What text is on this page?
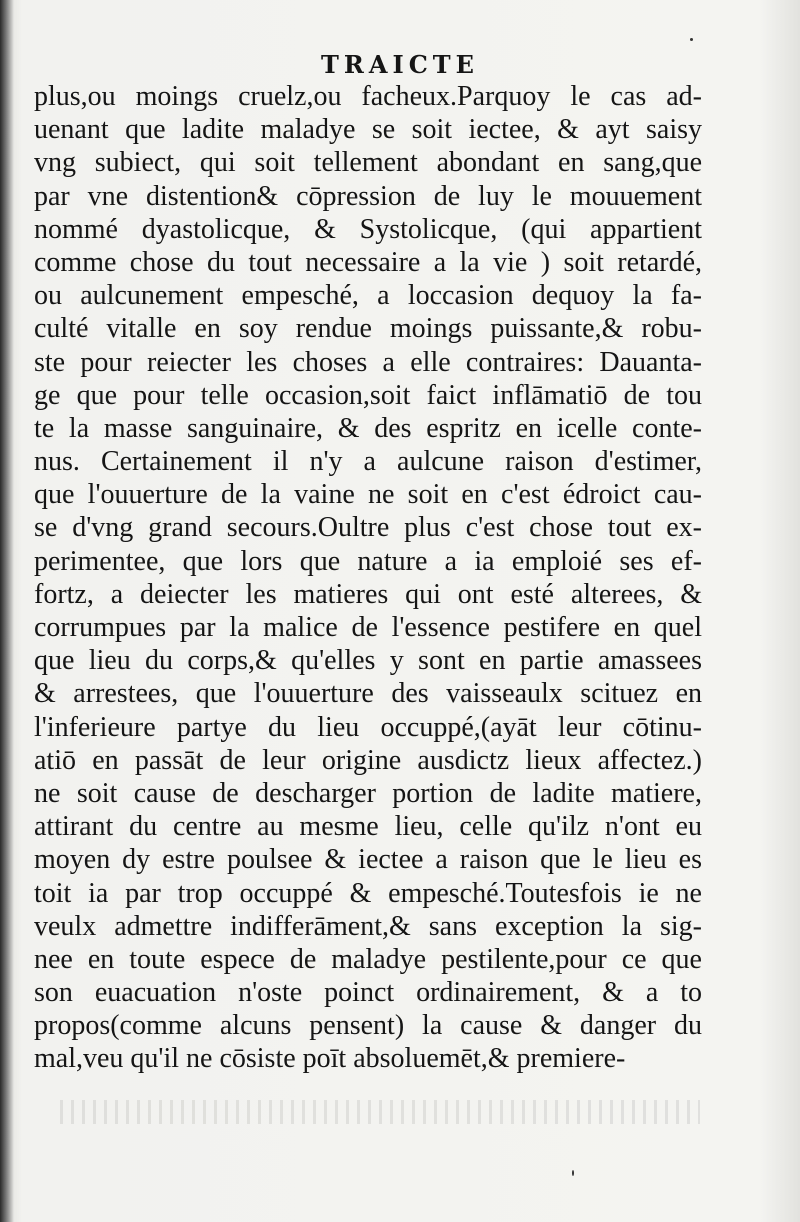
TRAICTE
plus,ou moings cruelz,ou facheux.Parquoy le cas ad-
uenant que ladite maladye se soit iectee, & ayt saisy
vng subiect, qui soit tellement abondant en sang,que
par vne distention& cōpression de luy le mouuement
nommé dyastolicque, & Systolicque, (qui appartient
comme chose du tout necessaire a la vie ) soit retardé,
ou aulcunement empesché, a loccasion dequoy la fa-
culté vitalle en soy rendue moings puissante,& robu-
ste pour reiecter les choses a elle contraires: Dauanta-
ge que pour telle occasion,soit faict inflāmatiō de tou
te la masse sanguinaire, & des espritz en icelle conte-
nus. Certainement il n'y a aulcune raison d'estimer,
que l'ouuerture de la vaine ne soit en c'est édroict cau-
se d'vng grand secours.Oultre plus c'est chose tout ex-
perimentee, que lors que nature a ia emploié ses ef-
fortz, a deiecter les matieres qui ont esté alterees, &
corrumpues par la malice de l'essence pestifere en quel
que lieu du corps,& qu'elles y sont en partie amassees
& arrestees, que l'ouuerture des vaisseaulx scituez en
l'inferieure partye du lieu occuppé,(ayāt leur cōtinu-
atiō en passāt de leur origine ausdictz lieux affectez.)
ne soit cause de descharger portion de ladite matiere,
attirant du centre au mesme lieu, celle qu'ilz n'ont eu
moyen dy estre poulsee & iectee a raison que le lieu es
toit ia par trop occuppé & empesché.Toutesfois ie ne
veulx admettre indifferāment,& sans exception la sig-
nee en toute espece de maladye pestilente,pour ce que
son euacuation n'oste poinct ordinairement, & a to
propos(comme alcuns pensent) la cause & danger du
mal,veu qu'il ne cōsiste poīt absoluemēt,& premiere-
